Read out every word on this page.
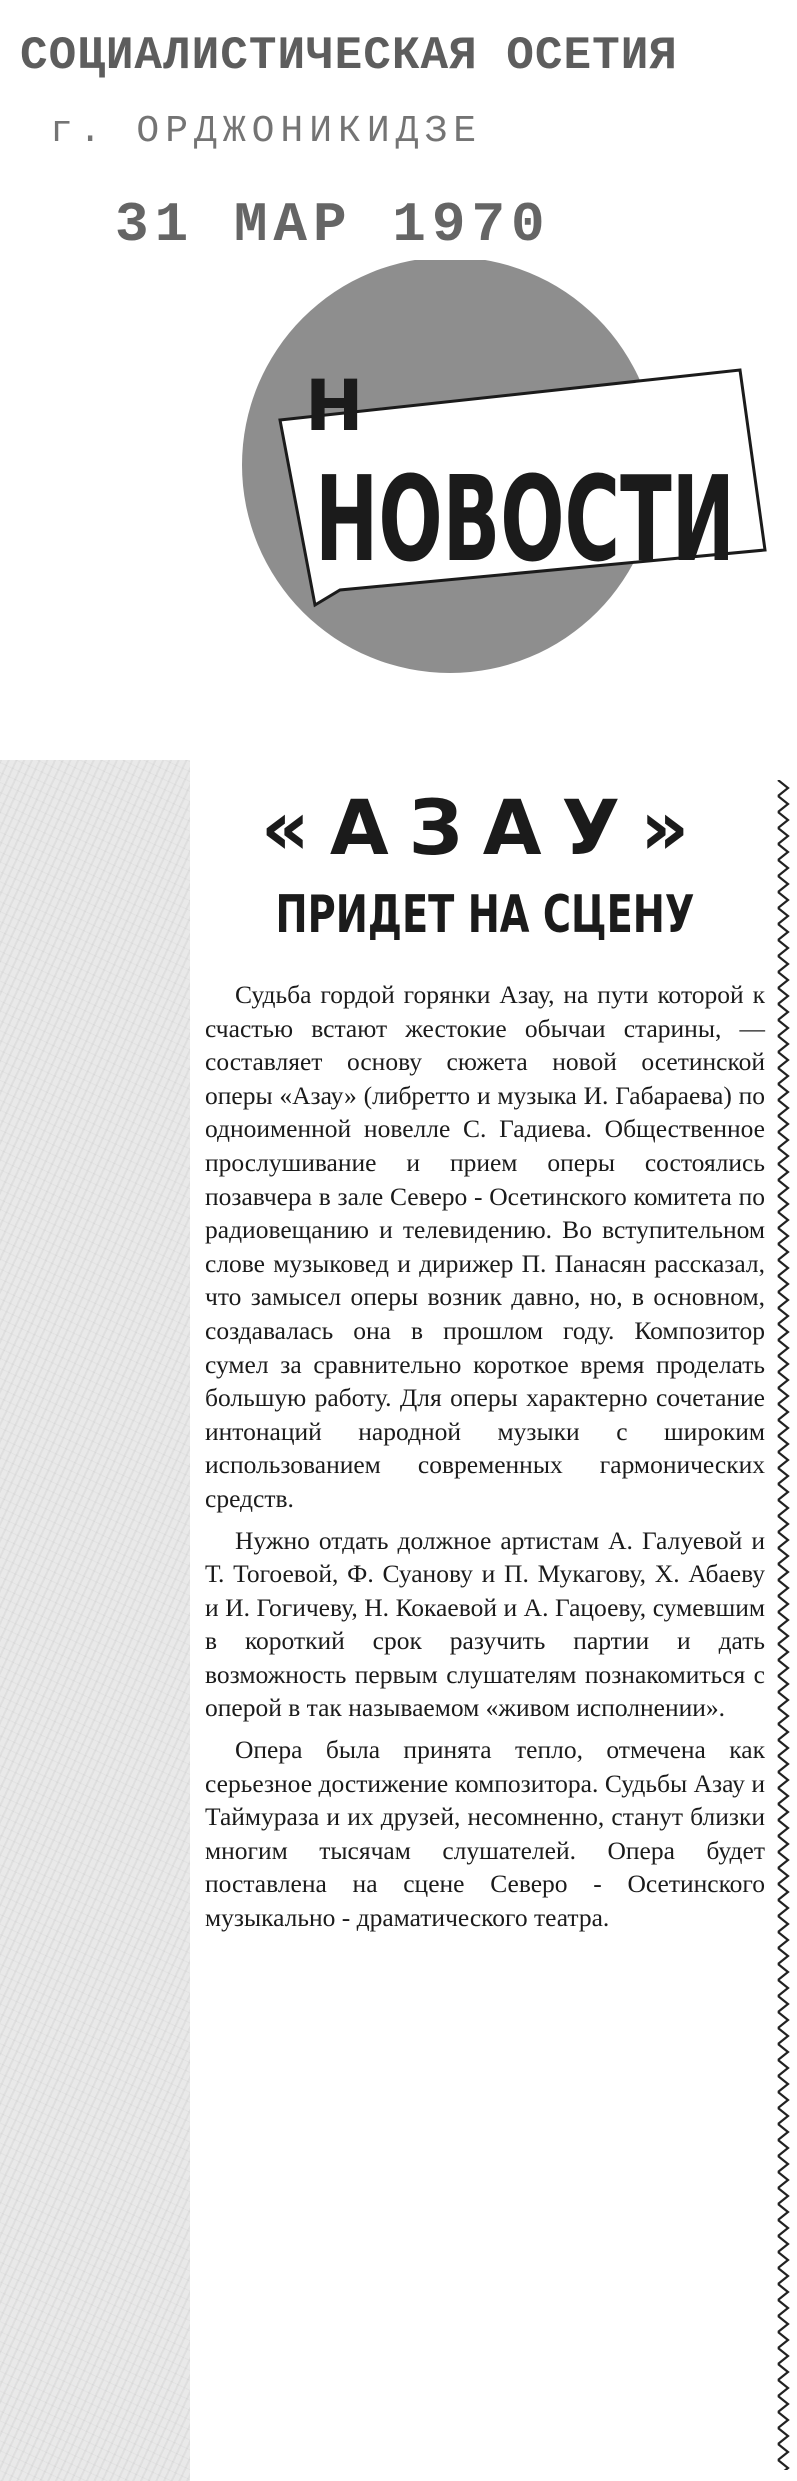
СОЦИАЛИСТИЧЕСКАЯ ОСЕТИЯ
г. ОРДЖОНИКИДЗЕ
31 МАР 1970
Н
НОВОСТИ
«АЗАУ»
ПРИДЕТ НА СЦЕНУ

Судьба гордой горянки Азау, на пути которой к счастью встают жестокие обычаи старины, — составляет основу сюжета новой осетинской оперы «Азау» (либретто и музыка И. Габараева) по одноименной новелле С. Гадиева. Общественное прослушивание и прием оперы состоялись позавчера в зале Северо - Осетинского комитета по радиовещанию и телевидению. Во вступительном слове музыковед и дирижер П. Панасян рассказал, что замысел оперы возник давно, но, в основном, создавалась она в прошлом году. Композитор сумел за сравнительно короткое время проделать большую работу. Для оперы характерно сочетание интонаций народной музыки с широким использованием современных гармонических средств.

Нужно отдать должное артистам А. Галуевой и Т. Тогоевой, Ф. Суанову и П. Мукагову, Х. Абаеву и И. Гогичеву, Н. Кокаевой и А. Гацоеву, сумевшим в короткий срок разучить партии и дать возможность первым слушателям познакомиться с оперой в так называемом «живом исполнении».

Опера была принята тепло, отмечена как серьезное достижение композитора. Судьбы Азау и Таймураза и их друзей, несомненно, станут близки многим тысячам слушателей. Опера будет поставлена на сцене Северо - Осетинского музыкально - драматического театра.
